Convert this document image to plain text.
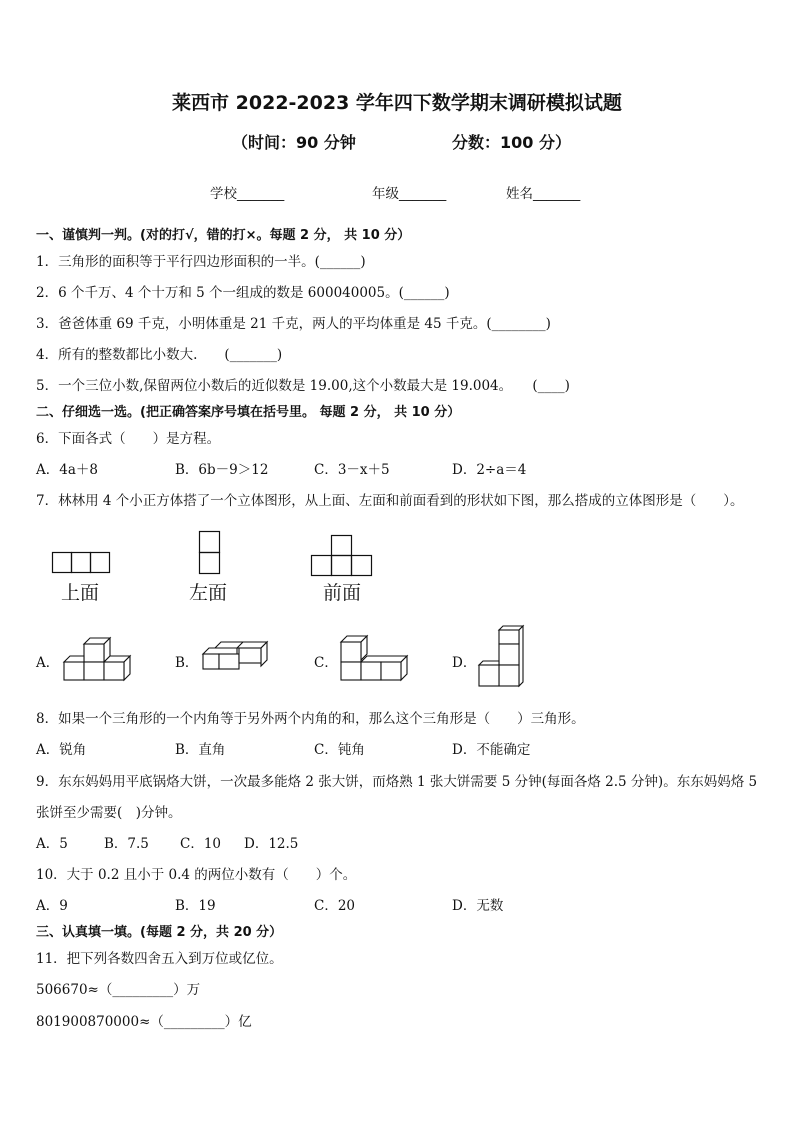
莱西市 2022-2023 学年四下数学期末调研模拟试题
（时间：90 分钟	分数：100 分）
学校_______	年级_______	姓名_______
一、谨慎判一判。(对的打√，错的打×。每题 2 分， 共 10 分）
1．三角形的面积等于平行四边形面积的一半。(______)
2．6 个千万、4 个十万和 5 个一组成的数是 600040005。(______)
3．爸爸体重 69 千克，小明体重是 21 千克，两人的平均体重是 45 千克。(________)
4．所有的整数都比小数大.　　(_______)
5．一个三位小数,保留两位小数后的近似数是 19.00,这个小数最大是 19.004。　　(____)
二、仔细选一选。(把正确答案序号填在括号里。 每题 2 分， 共 10 分）
6．下面各式（　　）是方程。
A．4a＋8	B．6b－9＞12	C．3－x＋5	D．2÷a＝4
7．林林用 4 个小正方体搭了一个立体图形，从上面、左面和前面看到的形状如下图，那么搭成的立体图形是（　　）。
上面	左面	前面
A．	B．	C．	D．
8．如果一个三角形的一个内角等于另外两个内角的和，那么这个三角形是（　　）三角形。
A．锐角	B．直角	C．钝角	D．不能确定
9．东东妈妈用平底锅烙大饼，一次最多能烙 2 张大饼，而烙熟 1 张大饼需要 5 分钟(每面各烙 2.5 分钟)。东东妈妈烙 5
张饼至少需要(　)分钟。
A．5	B．7.5 C．10 D．12.5
10．大于 0.2 且小于 0.4 的两位小数有（　　）个。
A．9	B．19	C．20	D．无数
三、认真填一填。(每题 2 分，共 20 分）
11．把下列各数四舍五入到万位或亿位。
506670≈（_________）万
801900870000≈（_________）亿
